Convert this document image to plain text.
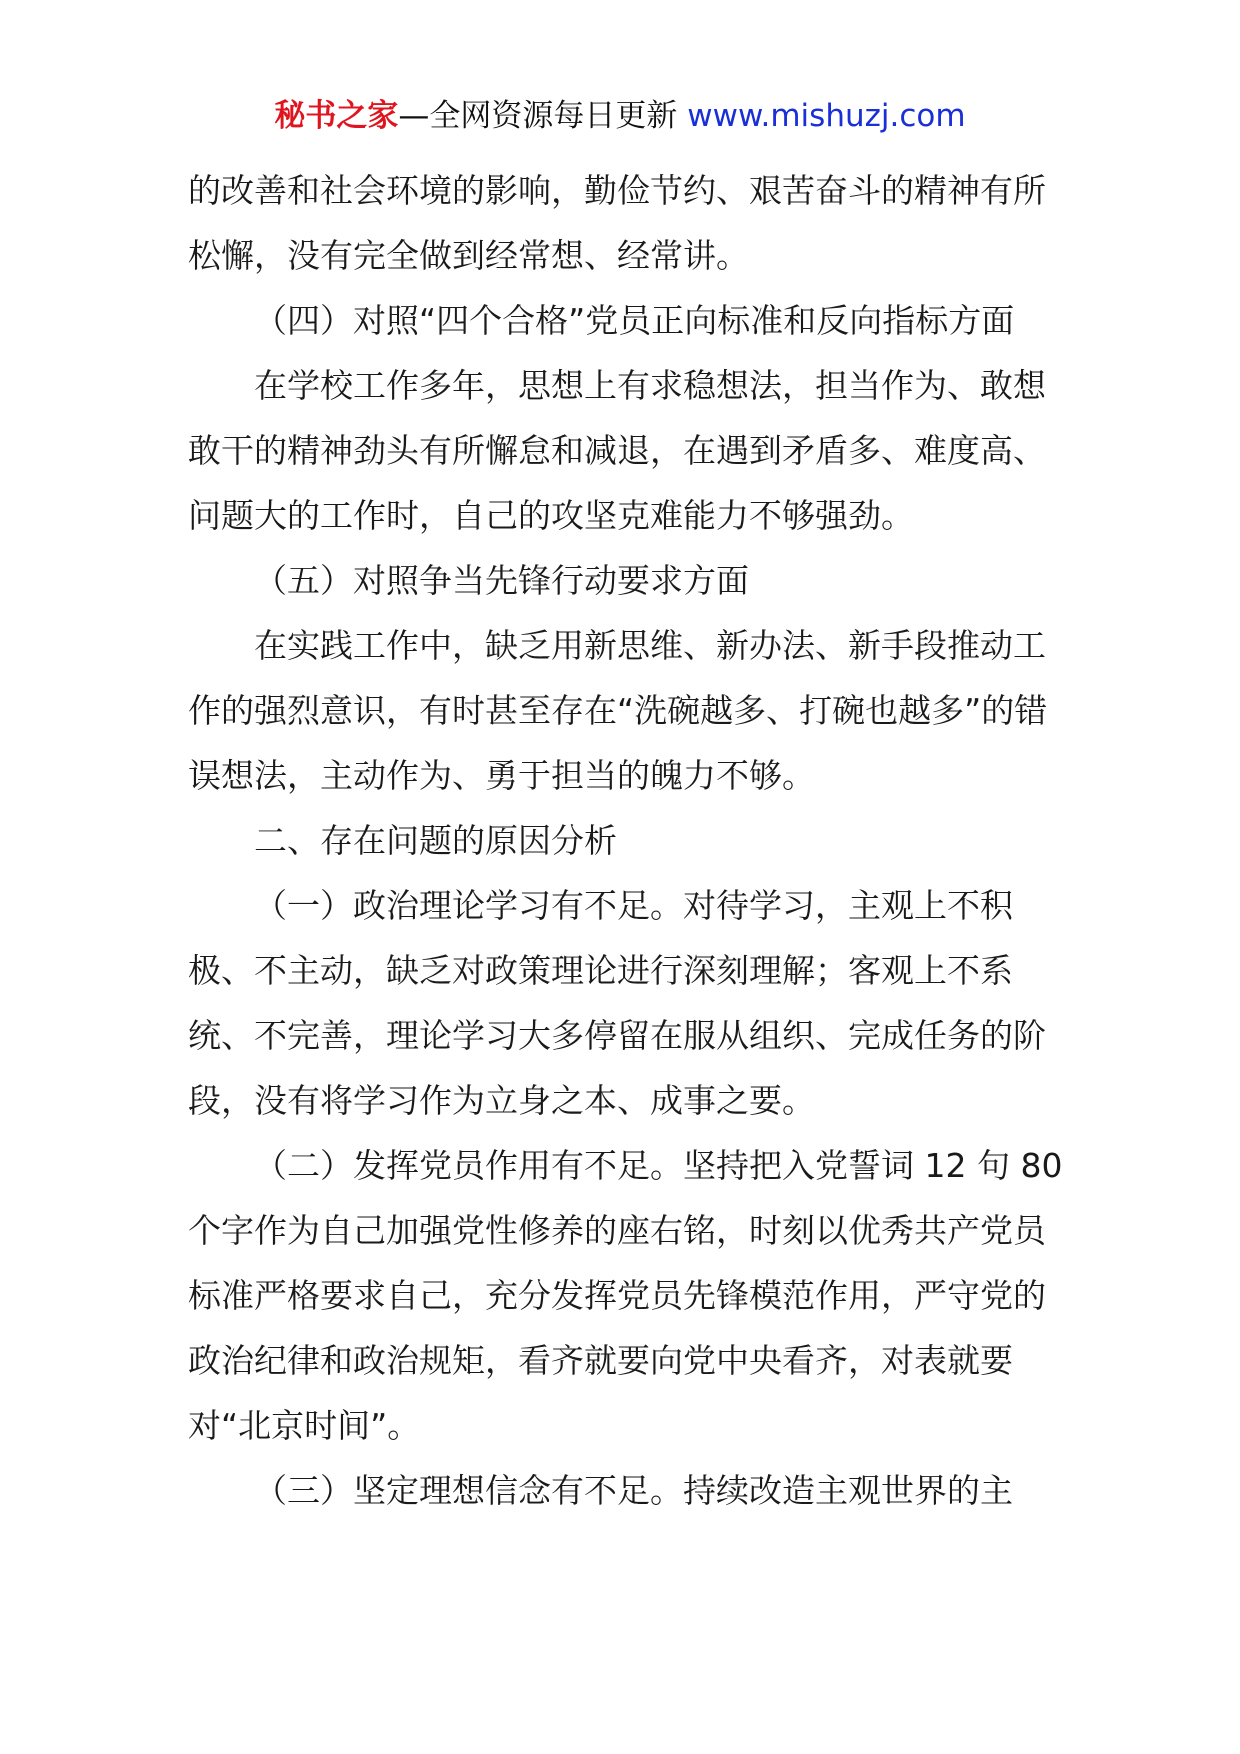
秘书之家—全网资源每日更新 www.mishuzj.com

的改善和社会环境的影响，勤俭节约、艰苦奋斗的精神有所松懈，没有完全做到经常想、经常讲。

（四）对照“四个合格”党员正向标准和反向指标方面

在学校工作多年，思想上有求稳想法，担当作为、敢想敢干的精神劲头有所懈怠和减退，在遇到矛盾多、难度高、问题大的工作时，自己的攻坚克难能力不够强劲。

（五）对照争当先锋行动要求方面

在实践工作中，缺乏用新思维、新办法、新手段推动工作的强烈意识，有时甚至存在“洗碗越多、打碗也越多”的错误想法，主动作为、勇于担当的魄力不够。

二、存在问题的原因分析

（一）政治理论学习有不足。对待学习，主观上不积极、不主动，缺乏对政策理论进行深刻理解；客观上不系统、不完善，理论学习大多停留在服从组织、完成任务的阶段，没有将学习作为立身之本、成事之要。

（二）发挥党员作用有不足。坚持把入党誓词 12 句 80 个字作为自己加强党性修养的座右铭，时刻以优秀共产党员标准严格要求自己，充分发挥党员先锋模范作用，严守党的政治纪律和政治规矩，看齐就要向党中央看齐，对表就要对“北京时间”。

（三）坚定理想信念有不足。持续改造主观世界的主
